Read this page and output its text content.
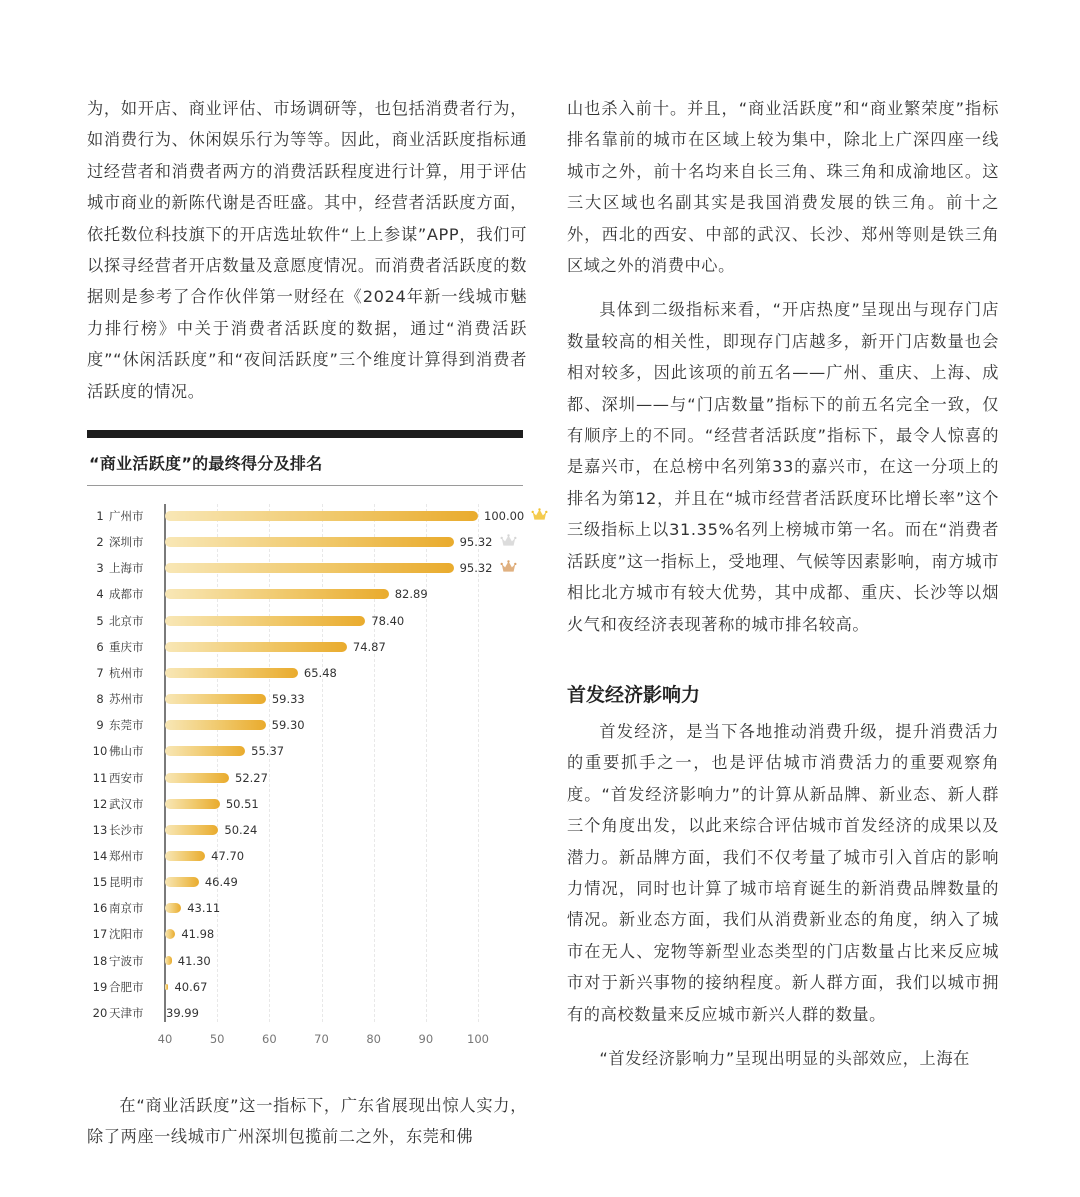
为，如开店、商业评估、市场调研等，也包括消费者行为，如消费行为、休闲娱乐行为等等。因此，商业活跃度指标通过经营者和消费者两方的消费活跃程度进行计算，用于评估城市商业的新陈代谢是否旺盛。其中，经营者活跃度方面，依托数位科技旗下的开店选址软件“上上参谋”APP，我们可以探寻经营者开店数量及意愿度情况。而消费者活跃度的数据则是参考了合作伙伴第一财经在《2024年新一线城市魅力排行榜》中关于消费者活跃度的数据，通过“消费活跃度”“休闲活跃度”和“夜间活跃度”三个维度计算得到消费者活跃度的情况。

“商业活跃度”的最终得分及排名
40	50	60	70	80	90	100
1 广州市	100.00
2 深圳市	95.32
3 上海市	95.32
4 成都市	82.89
5 北京市	78.40
6 重庆市	74.87
7 杭州市	65.48
8 苏州市	59.33
9 东莞市	59.30
10 佛山市	55.37
11 西安市	52.27
12 武汉市	50.51
13 长沙市	50.24
14 郑州市	47.70
15 昆明市	46.49
16 南京市	43.11
17 沈阳市	41.98
18 宁波市	41.30
19 合肥市	40.67
20 天津市	39.99

在“商业活跃度”这一指标下，广东省展现出惊人实力，除了两座一线城市广州深圳包揽前二之外，东莞和佛

山也杀入前十。并且，“商业活跃度”和“商业繁荣度”指标排名靠前的城市在区域上较为集中，除北上广深四座一线城市之外，前十名均来自长三角、珠三角和成渝地区。这三大区域也名副其实是我国消费发展的铁三角。前十之外，西北的西安、中部的武汉、长沙、郑州等则是铁三角区域之外的消费中心。

具体到二级指标来看，“开店热度”呈现出与现存门店数量较高的相关性，即现存门店越多，新开门店数量也会相对较多，因此该项的前五名——广州、重庆、上海、成都、深圳——与“门店数量”指标下的前五名完全一致，仅有顺序上的不同。“经营者活跃度”指标下，最令人惊喜的是嘉兴市，在总榜中名列第33的嘉兴市，在这一分项上的排名为第12，并且在“城市经营者活跃度环比增长率”这个三级指标上以31.35%名列上榜城市第一名。而在“消费者活跃度”这一指标上，受地理、气候等因素影响，南方城市相比北方城市有较大优势，其中成都、重庆、长沙等以烟火气和夜经济表现著称的城市排名较高。

首发经济影响力

首发经济，是当下各地推动消费升级，提升消费活力的重要抓手之一，也是评估城市消费活力的重要观察角度。“首发经济影响力”的计算从新品牌、新业态、新人群三个角度出发，以此来综合评估城市首发经济的成果以及潜力。新品牌方面，我们不仅考量了城市引入首店的影响力情况，同时也计算了城市培育诞生的新消费品牌数量的情况。新业态方面，我们从消费新业态的角度，纳入了城市在无人、宠物等新型业态类型的门店数量占比来反应城市对于新兴事物的接纳程度。新人群方面，我们以城市拥有的高校数量来反应城市新兴人群的数量。

“首发经济影响力”呈现出明显的头部效应，上海在
